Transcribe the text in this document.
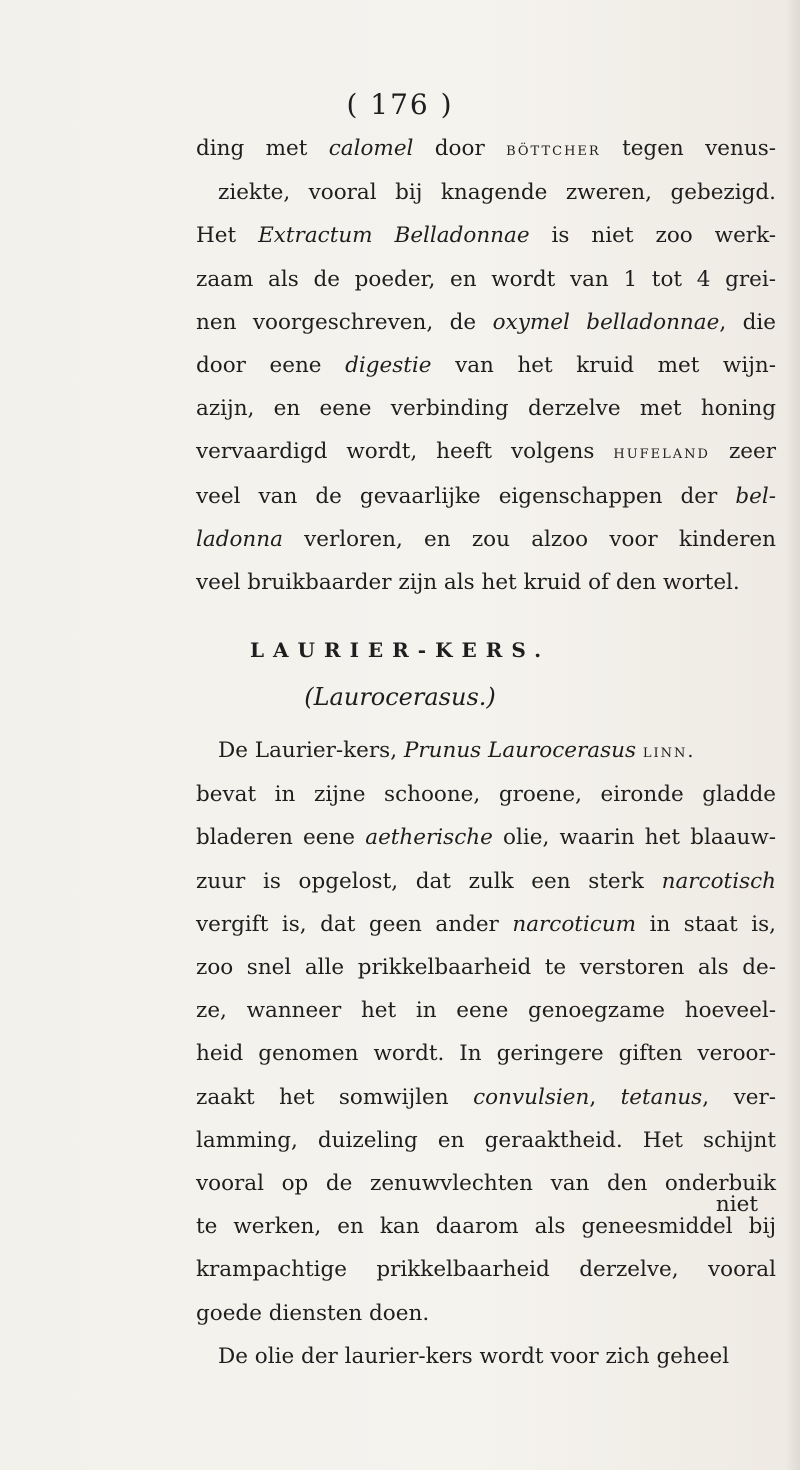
( 176 )
ding met calomel door böttcher tegen venus-
ziekte, vooral bij knagende zweren, gebezigd.
Het Extractum Belladonnae is niet zoo werk-
zaam als de poeder, en wordt van 1 tot 4 grei-
nen voorgeschreven, de oxymel belladonnae, die
door eene digestie van het kruid met wijn-
azijn, en eene verbinding derzelve met honing
vervaardigd wordt, heeft volgens hufeland zeer
veel van de gevaarlijke eigenschappen der bel-
ladonna verloren, en zou alzoo voor kinderen
veel bruikbaarder zijn als het kruid of den wortel.
LAURIER-KERS.
(Laurocerasus.)
De Laurier-kers, Prunus Laurocerasus linn.
bevat in zijne schoone, groene, eironde gladde
bladeren eene aetherische olie, waarin het blaauw-
zuur is opgelost, dat zulk een sterk narcotisch
vergift is, dat geen ander narcoticum in staat is,
zoo snel alle prikkelbaarheid te verstoren als de-
ze, wanneer het in eene genoegzame hoeveel-
heid genomen wordt. In geringere giften veroor-
zaakt het somwijlen convulsien, tetanus, ver-
lamming, duizeling en geraaktheid. Het schijnt
vooral op de zenuwvlechten van den onderbuik
te werken, en kan daarom als geneesmiddel bij
krampachtige prikkelbaarheid derzelve, vooral
goede diensten doen.
De olie der laurier-kers wordt voor zich geheel
niet
